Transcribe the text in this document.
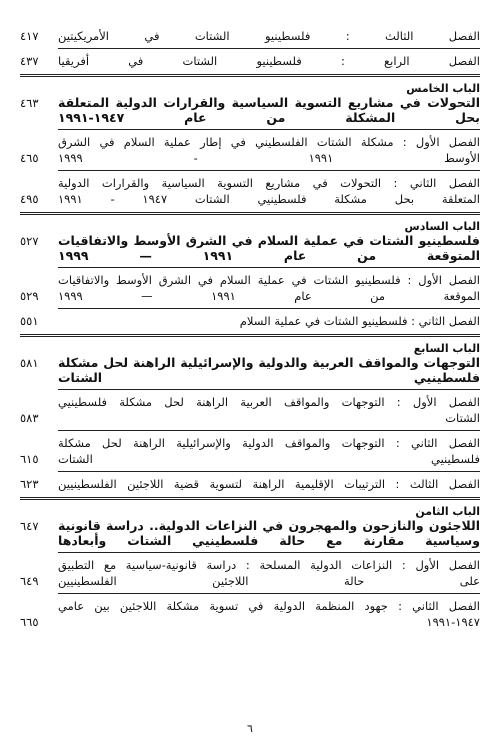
الفصل الثالث : فلسطينيو الشتات في الأمريكيتين
٤١٧
الفصل الرابع : فلسطينيو الشتات في أفريقيا
٤٣٧
الباب الخامس
التحولات في مشاريع التسوية السياسية والقرارات الدولية المتعلقة بحل المشكلة من عام ١٩٤٧-١٩٩١
٤٦٣
الفصل الأول : مشكلة الشتات الفلسطيني في إطار عملية السلام في الشرق
الأوسط ١٩٩١ - ١٩٩٩
٤٦٥
الفصل الثاني : التحولات في مشاريع التسوية السياسية والقرارات الدولية
المتعلقة بحل مشكلة فلسطينيي الشتات ١٩٤٧ - ١٩٩١
٤٩٥
الباب السادس
فلسطينيو الشتات في عملية السلام في الشرق الأوسط والاتفاقيات المتوقعة من عام ١٩٩١ — ١٩٩٩
٥٢٧
الفصل الأول : فلسطينيو الشتات في عملية السلام في الشرق الأوسط والاتفاقيات
الموقعة من عام ١٩٩١ — ١٩٩٩
٥٢٩
الفصل الثاني : فلسطينيو الشتات في عملية السلام
٥٥١
الباب السابع
التوجهات والمواقف العربية والدولية والإسرائيلية الراهنة لحل مشكلة فلسطينيي الشتات
٥٨١
الفصل الأول : التوجهات والمواقف العربية الراهنة لحل مشكلة فلسطينيي
الشتات
٥٨٣
الفصل الثاني : التوجهات والمواقف الدولية والإسرائيلية الراهنة لحل مشكلة
فلسطينيي الشتات
٦١٥
الفصل الثالث : الترتيبات الإقليمية الراهنة لتسوية قضية اللاجئين الفلسطينيين
٦٢٣
الباب الثامن
اللاجئون والنازحون والمهجرون في النزاعات الدولية.. دراسة قانونية وسياسية مقارنة مع حالة فلسطينيي الشتات وأبعادها
٦٤٧
الفصل الأول : النزاعات الدولية المسلحة : دراسة قانونية-سياسية مع التطبيق
على حالة اللاجئين الفلسطينيين
٦٤٩
الفصل الثاني : جهود المنظمة الدولية في تسوية مشكلة اللاجئين بين عامي
١٩٤٧-١٩٩١
٦٦٥
٦
